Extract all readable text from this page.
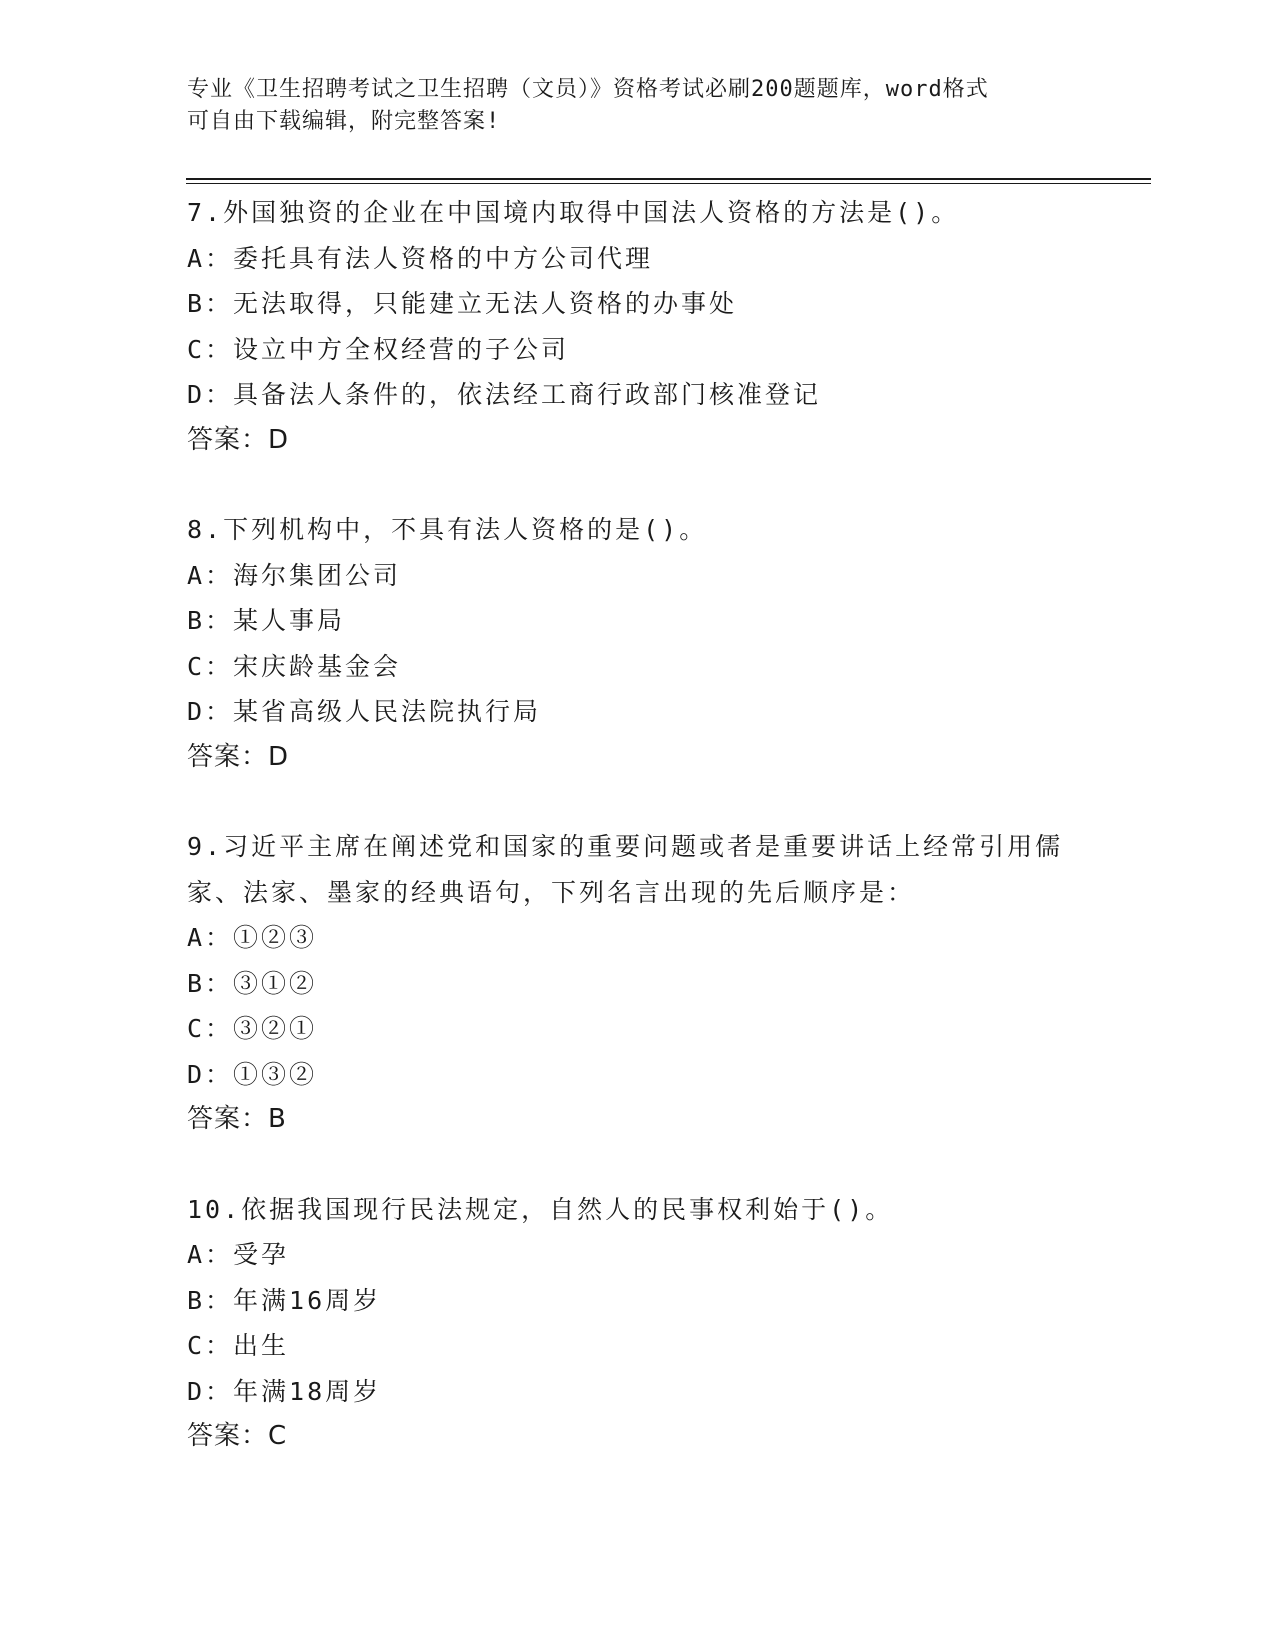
专业《卫生招聘考试之卫生招聘（文员）》资格考试必刷200题题库，word格式
可自由下载编辑，附完整答案!
7.外国独资的企业在中国境内取得中国法人资格的方法是()。
A：委托具有法人资格的中方公司代理
B：无法取得，只能建立无法人资格的办事处
C：设立中方全权经营的子公司
D：具备法人条件的，依法经工商行政部门核准登记
答案：D
8.下列机构中，不具有法人资格的是()。
A：海尔集团公司
B：某人事局
C：宋庆龄基金会
D：某省高级人民法院执行局
答案：D
9.习近平主席在阐述党和国家的重要问题或者是重要讲话上经常引用儒家、法家、墨家的经典语句，下列名言出现的先后顺序是：
A：①②③
B：③①②
C：③②①
D：①③②
答案：B
10.依据我国现行民法规定，自然人的民事权利始于()。
A：受孕
B：年满16周岁
C：出生
D：年满18周岁
答案：C
